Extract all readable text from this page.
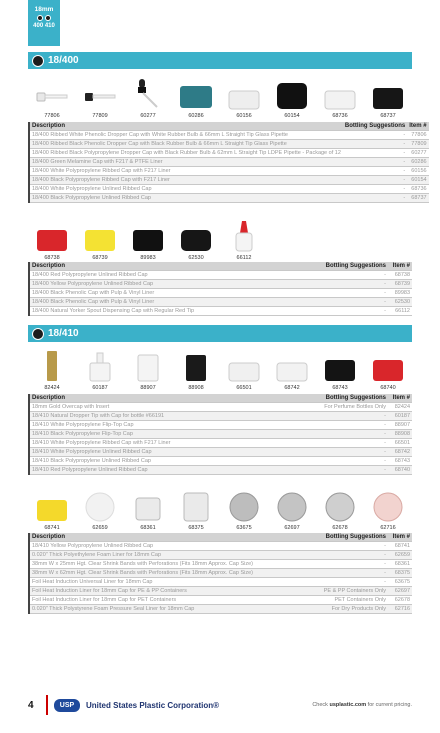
18mm
400 410
18/400
77806	77809	60277	60286	60156	60154	68736	68737
Description	Bottling Suggestions	Item #
18/400 Ribbed White Phenolic Dropper Cap with White Rubber Bulb & 66mm L Straight Tip Glass Pipette	-	77806
18/400 Ribbed Black Phenolic Dropper Cap with Black Rubber Bulb & 66mm L Straight Tip Glass Pipette	-	77809
18/400 Ribbed Black Polypropylene Dropper Cap with Black Rubber Bulb & 62mm L Straight Tip LDPE Pipette - Package of 12	-	60277
18/400 Green Melamine Cap with F217 & PTFE Liner	-	60286
18/400 White Polypropylene Ribbed Cap with F217 Liner	-	60156
18/400 Black Polypropylene Ribbed Cap with F217 Liner	-	60154
18/400 White Polypropylene Unlined Ribbed Cap	-	68736
18/400 Black Polypropylene Unlined Ribbed Cap	-	68737
68738	68739	89983	62530	66112
Description	Bottling Suggestions	Item #
18/400 Red Polypropylene Unlined Ribbed Cap	-	68738
18/400 Yellow Polypropylene Unlined Ribbed Cap	-	68739
18/400 Black Phenolic Cap with Pulp & Vinyl Liner	-	89983
18/400 Black Phenolic Cap with Pulp & Vinyl Liner	-	62530
18/400 Natural Yorker Spout Dispensing Cap with Regular Red Tip	-	66112
18/410
82424	60187	88907	88908	66501	68742	68743	68740
Description	Bottling Suggestions	Item #
18mm Gold Overcap with Insert	For Perfume Bottles Only	82424
18/410 Natural Dropper Tip with Cap for bottle #66191	-	60187
18/410 White Polypropylene Flip-Top Cap	-	88907
18/410 Black Polypropylene Flip-Top Cap	-	88908
18/410 White Polypropylene Ribbed Cap with F217 Liner	-	66501
18/410 White Polypropylene Unlined Ribbed Cap	-	68742
18/410 Black Polypropylene Unlined Ribbed Cap	-	68743
18/410 Red Polypropylene Unlined Ribbed Cap	-	68740
68741	62659	68361	68375	63675	62697	62678	62716
Description	Bottling Suggestions	Item #
18/410 Yellow Polypropylene Unlined Ribbed Cap	-	68741
0.020" Thick Polyethylene Foam Liner for 18mm Cap	-	62659
38mm W x 25mm Hgt. Clear Shrink Bands with Perforations (Fits 18mm Approx. Cap Size)	-	68361
38mm W x 62mm Hgt. Clear Shrink Bands with Perforations (Fits 18mm Approx. Cap Size)	-	68375
Foil Heat Induction Universal Liner for 18mm Cap	-	63675
Foil Heat Induction Liner for 18mm Cap for PE & PP Containers	PE & PP Containers Only	62697
Foil Heat Induction Liner for 18mm Cap for PET Containers	PET Containers Only	62678
0.020" Thick Polystyrene Foam Pressure Seal Liner for 18mm Cap	For Dry Products Only	62716
4	USP	United States Plastic Corporation®	Check usplastic.com for current pricing.
